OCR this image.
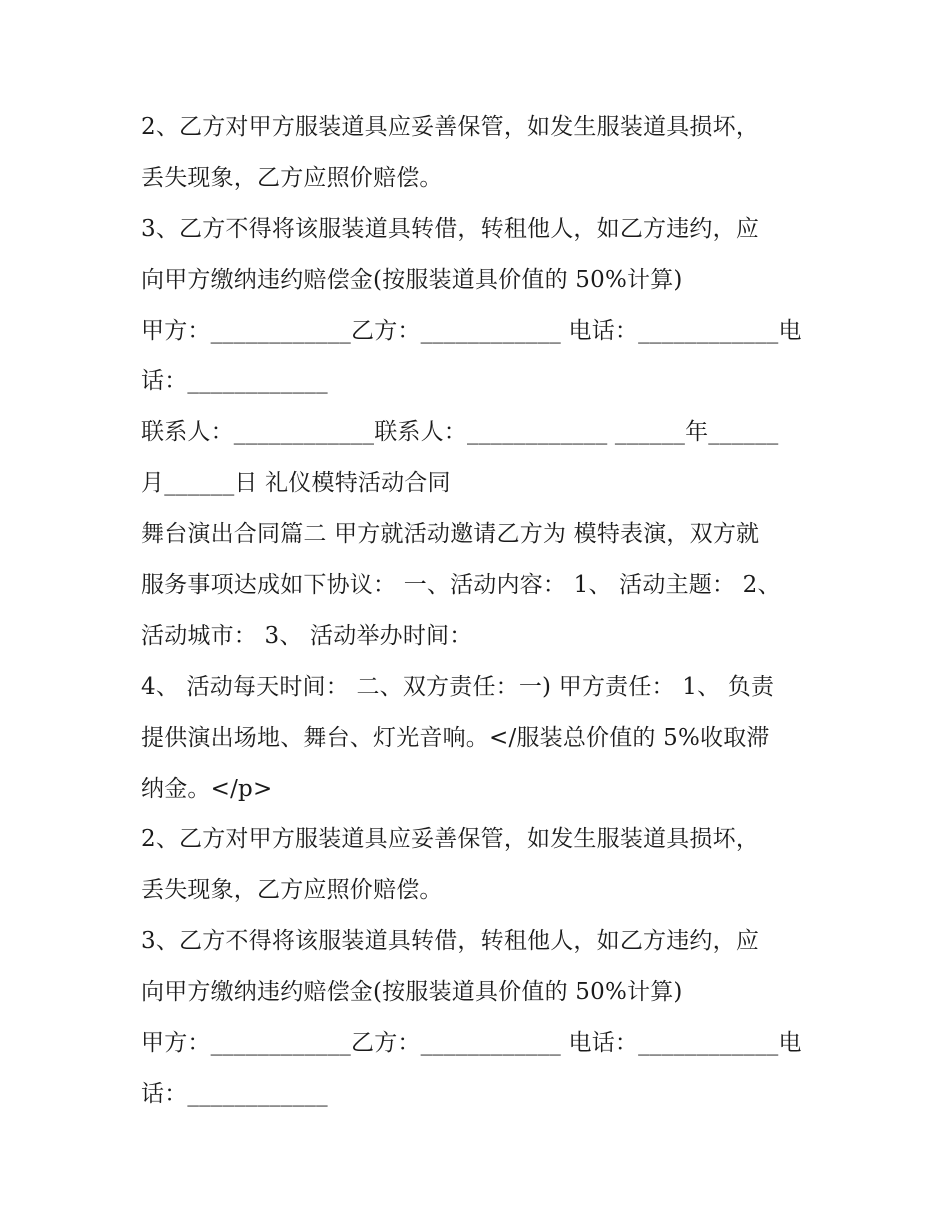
2、乙方对甲方服装道具应妥善保管，如发生服装道具损坏，
丢失现象，乙方应照价赔偿。
3、乙方不得将该服装道具转借，转租他人，如乙方违约，应
向甲方缴纳违约赔偿金(按服装道具价值的 50%计算)
甲方：____________乙方：____________ 电话：____________电
话：____________
联系人：____________联系人：____________ ______年______
月______日 礼仪模特活动合同
舞台演出合同篇二 甲方就活动邀请乙方为 模特表演，双方就
服务事项达成如下协议： 一、活动内容： 1、 活动主题： 2、
活动城市： 3、 活动举办时间：
4、 活动每天时间： 二、双方责任：一) 甲方责任： 1、 负责
提供演出场地、舞台、灯光音响。</服装总价值的 5%收取滞
纳金。</p>
2、乙方对甲方服装道具应妥善保管，如发生服装道具损坏，
丢失现象，乙方应照价赔偿。
3、乙方不得将该服装道具转借，转租他人，如乙方违约，应
向甲方缴纳违约赔偿金(按服装道具价值的 50%计算)
甲方：____________乙方：____________ 电话：____________电
话：____________
